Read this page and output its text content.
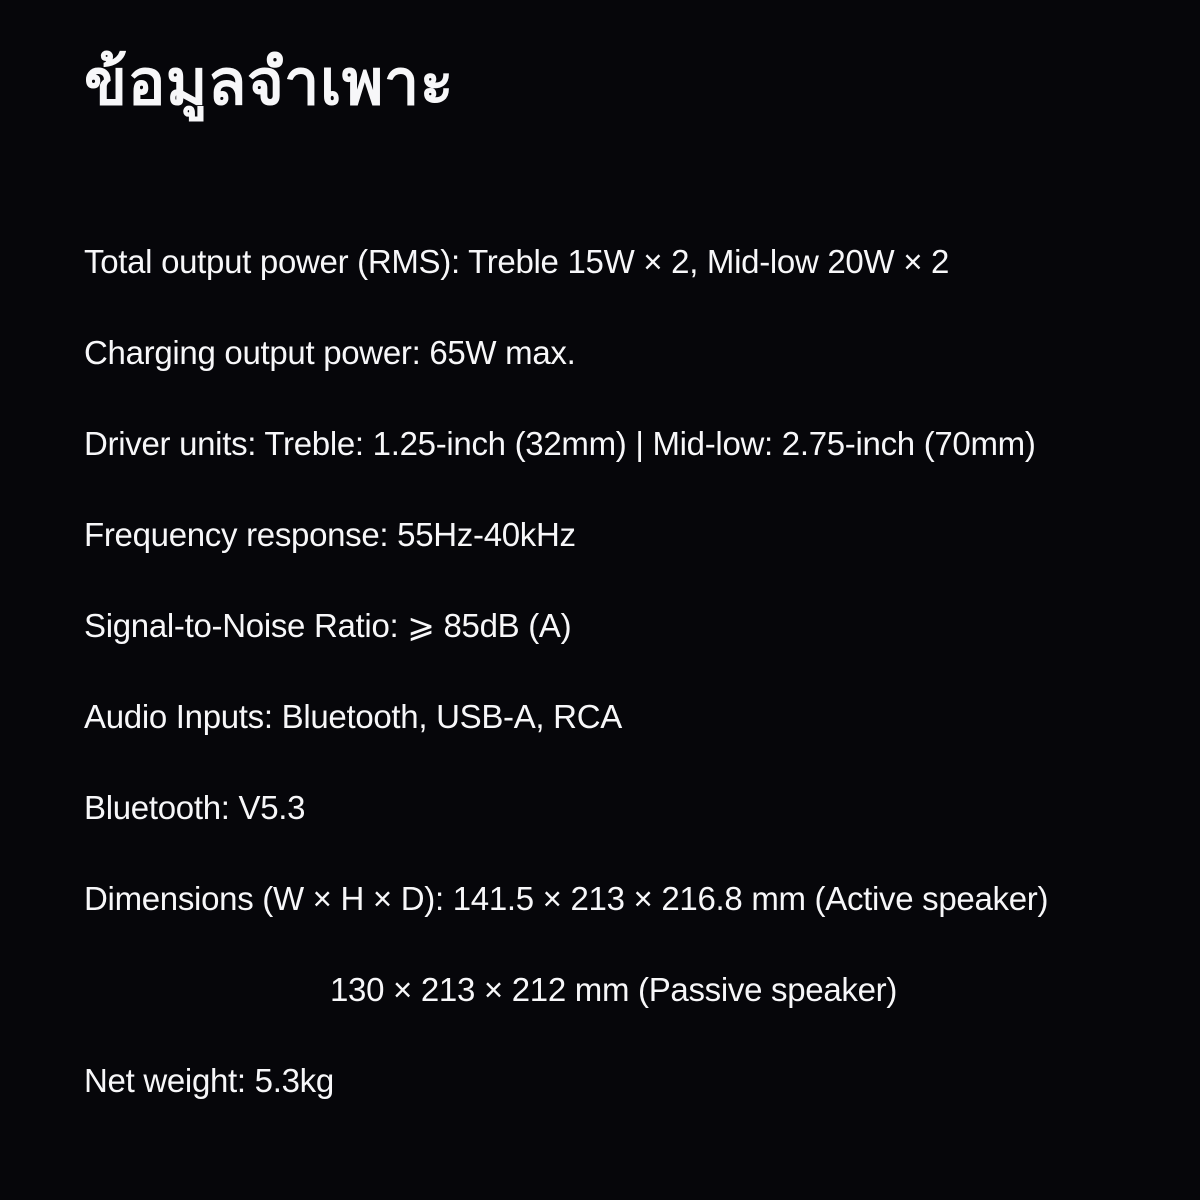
ข้อมูลจำเพาะ
Total output power (RMS): Treble 15W × 2, Mid-low 20W × 2
Charging output power: 65W max.
Driver units: Treble: 1.25-inch (32mm) | Mid-low: 2.75-inch (70mm)
Frequency response: 55Hz-40kHz
Signal-to-Noise Ratio: ⩾ 85dB (A)
Audio Inputs: Bluetooth, USB-A, RCA
Bluetooth: V5.3
Dimensions (W × H × D): 141.5 × 213 × 216.8 mm (Active speaker)
130 × 213 × 212 mm (Passive speaker)
Net weight: 5.3kg
